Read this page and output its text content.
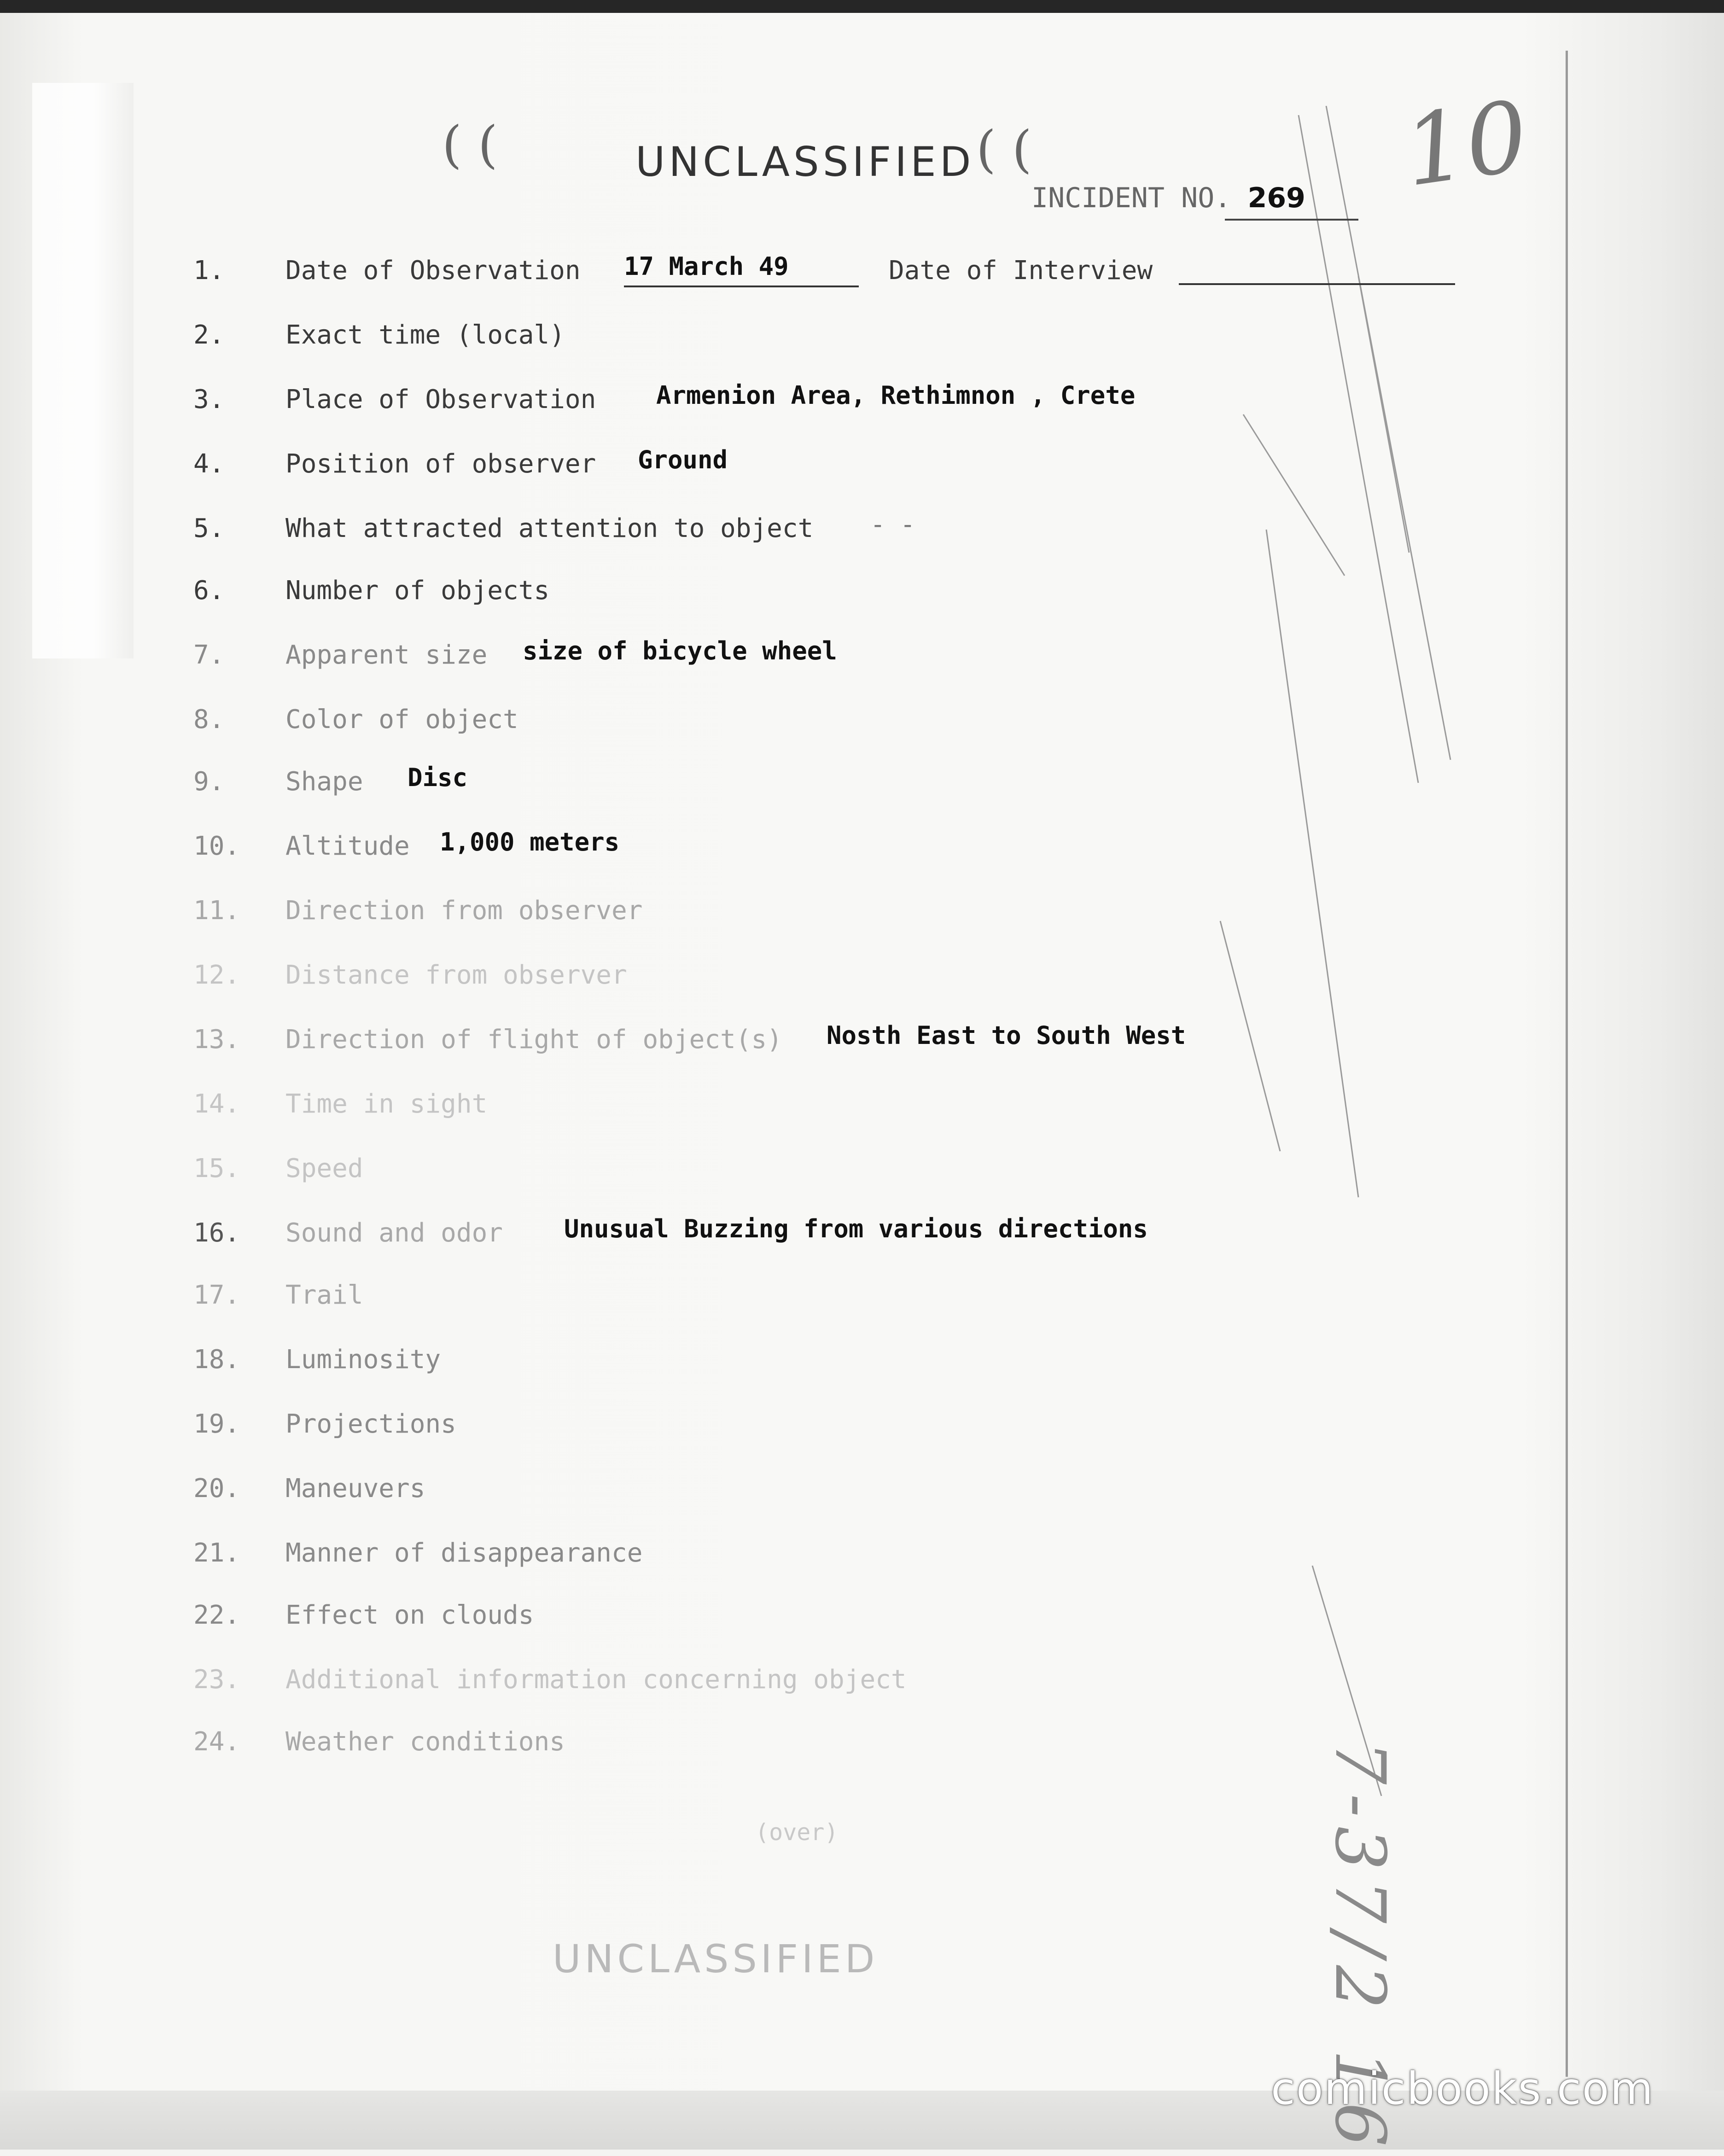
( (	( (
UNCLASSIFIED	10
INCIDENT NO. 269
1.	Date of Observation 17 March 49	Date of Interview
2.	Exact time (local)
3.	Place of Observation Armenion Area, Rethimnon , Crete
4.	Position of observer Ground
5.	What attracted attention to object - -
6.	Number of objects
7.	Apparent size size of bicycle wheel
8.	Color of object
9.	Shape Disc
10.	Altitude 1,000 meters
11.	Direction from observer
12.	Distance from observer
13.	Direction of flight of object(s) Nosth East to South West
14.	Time in sight
15.	Speed
16.	Sound and odor Unusual Buzzing from various directions
17.	Trail
18.	Luminosity
19.	Projections
20.	Maneuvers
21.	Manner of disappearance
22.	Effect on clouds
23.	Additional information concerning object
24.	Weather conditions
(over)
UNCLASSIFIED	7-37/2 16
comicbooks.com
